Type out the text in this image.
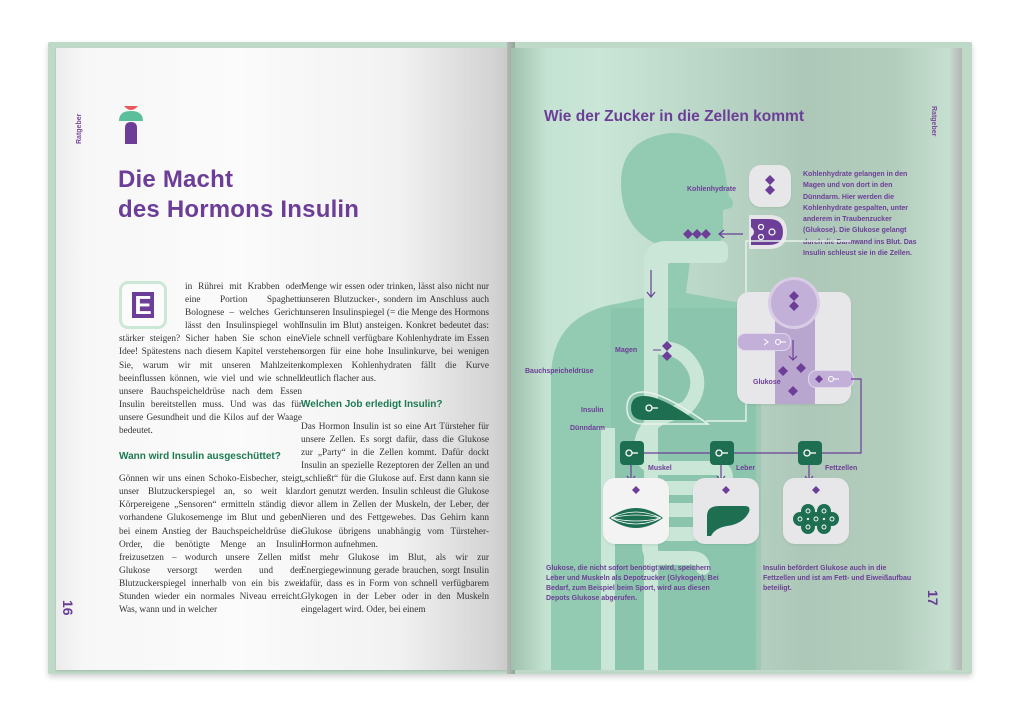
Ratgeber
Die Macht
des Hormons Insulin
E

in Rührei mit Krabben oder eine Portion Spaghetti Bolognese – welches Gericht lässt den Insulinspiegel wohl stärker steigen? Sicher haben Sie schon eine Idee! Spätestens nach diesem Kapitel verstehen Sie, warum wir mit unseren Mahlzeiten beeinflussen können, wie viel und wie schnell unsere Bauchspeicheldrüse nach dem Essen Insulin bereitstellen muss. Und was das für unsere Gesundheit und die Kilos auf der Waage bedeutet.

Wann wird Insulin ausgeschüttet?

Gönnen wir uns einen Schoko-Eisbecher, steigt unser Blutzuckerspiegel an, so weit klar. Körpereigene „Sensoren“ ermitteln ständig die vorhandene Glukosemenge im Blut und geben bei einem Anstieg der Bauchspeicheldrüse die Order, die benötigte Menge an Insulin freizusetzen – wodurch unsere Zellen mit Glukose versorgt werden und der Blutzuckerspiegel innerhalb von ein bis zwei Stunden wieder ein normales Niveau erreicht. Was, wann und in welcher

Menge wir essen oder trinken, lässt also nicht nur unseren Blutzucker-, sondern im Anschluss auch unseren Insulinspiegel (= die Menge des Hormons Insulin im Blut) ansteigen. Konkret bedeutet das: Viele schnell verfügbare Kohlenhydrate im Essen sorgen für eine hohe Insulinkurve, bei wenigen komplexen Kohlenhydraten fällt die Kurve deutlich flacher aus.

Welchen Job erledigt Insulin?

Das Hormon Insulin ist so eine Art Türsteher für unsere Zellen. Es sorgt dafür, dass die Glukose zur „Party“ in die Zellen kommt. Dafür dockt Insulin an spezielle Rezeptoren der Zellen an und „schließt“ für die Glukose auf. Erst dann kann sie dort genutzt werden. Insulin schleust die Glukose vor allem in Zellen der Muskeln, der Leber, der Nieren und des Fettgewebes. Das Gehirn kann Glukose übrigens unabhängig vom Türsteher-Hormon aufnehmen.

Ist mehr Glukose im Blut, als wir zur Energiegewinnung gerade brauchen, sorgt Insulin dafür, dass es in Form von schnell verfügbarem Glykogen in der Leber oder in den Muskeln eingelagert wird. Oder, bei einem

16
Wie der Zucker in die Zellen kommt	Ratgeber
Kohlenhydrate
Kohlenhydrate gelangen in den Magen und von dort in den Dünndarm. Hier werden die Kohlenhydrate gespalten, unter anderem in Traubenzucker (Glukose). Die Glukose gelangt durch die Darmwand ins Blut. Das Insulin schleust sie in die Zellen.
Magen
Bauchspeicheldrüse
Insulin
Dünndarm
Glukose
Muskel	Leber	Fettzellen
Glukose, die nicht sofort benötigt wird, speichern Leber und Muskeln als Depotzucker (Glykogen). Bei Bedarf, zum Beispiel beim Sport, wird aus diesen Depots Glukose abgerufen.
Insulin befördert Glukose auch in die Fettzellen und ist am Fett- und Eiweißaufbau beteiligt.
17
